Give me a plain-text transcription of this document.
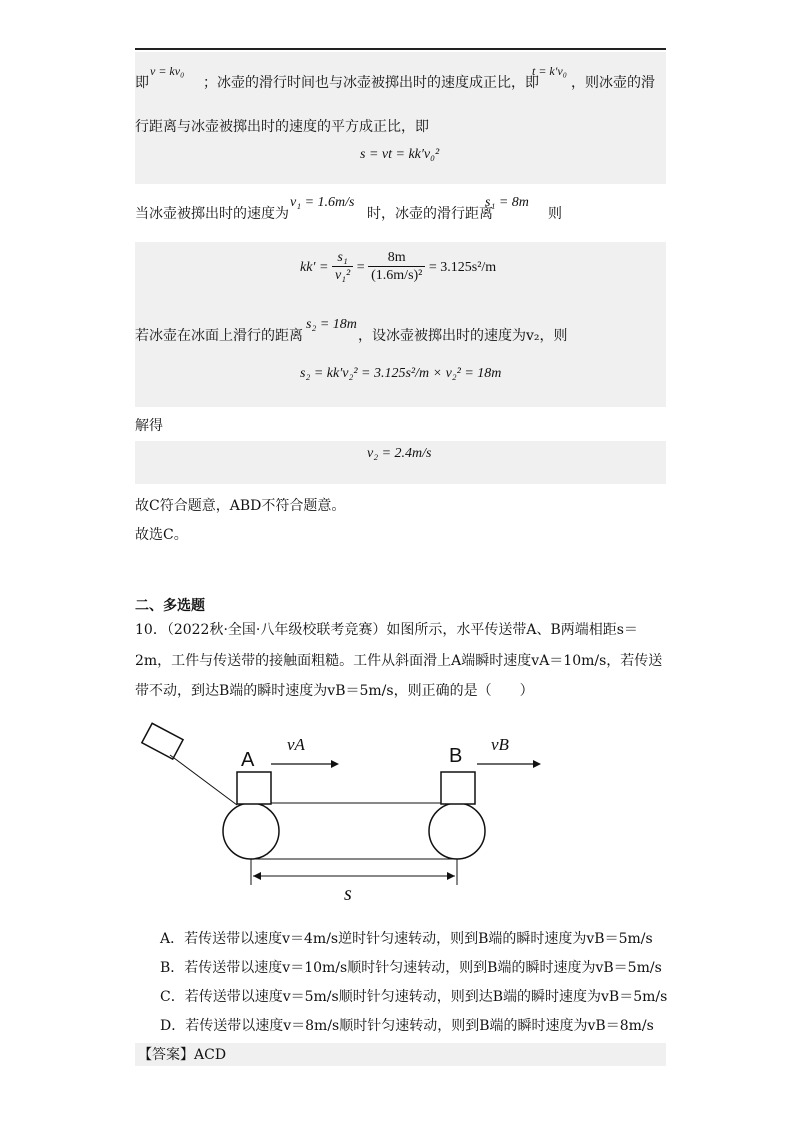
即
v = kv₀
；冰壶的滑行时间也与冰壶被掷出时的速度成正比，即
t = k′v₀
，则冰壶的滑
行距离与冰壶被掷出时的速度的平方成正比，即
s = vt = kk′v₀²
当冰壶被掷出时的速度为
v₁ = 1.6m/s
时，冰壶的滑行距离
s₁ = 8m
则
$kk' = \frac{\text{s₁}}{\text{v₁²}} = \frac{8m}{\text{(1.6m/s)²}} = 3.125s^2/m$
若冰壶在冰面上滑行的距离
s₂ = 18m
，设冰壶被掷出时的速度为v₂，则
s₂ = kk′v₂² = 3.125s²/m × v₂² = 18m
解得
v₂ = 2.4m/s
故C符合题意，ABD不符合题意。
故选C。
二、多选题
10．（2022秋·全国·八年级校联考竞赛）如图所示，水平传送带A、B两端相距s＝
2m，工件与传送带的接触面粗糙。工件从斜面滑上A端瞬时速度vA＝10m/s，若传送
带不动，到达B端的瞬时速度为vB＝5m/s，则正确的是（　　）
A	B
vA	vB
s
A．若传送带以速度v＝4m/s逆时针匀速转动，则到B端的瞬时速度为vB＝5m/s
B．若传送带以速度v＝10m/s顺时针匀速转动，则到B端的瞬时速度为vB＝5m/s
C．若传送带以速度v＝5m/s顺时针匀速转动，则到达B端的瞬时速度为vB＝5m/s
D．若传送带以速度v＝8m/s顺时针匀速转动，则到B端的瞬时速度为vB＝8m/s
【答案】ACD
